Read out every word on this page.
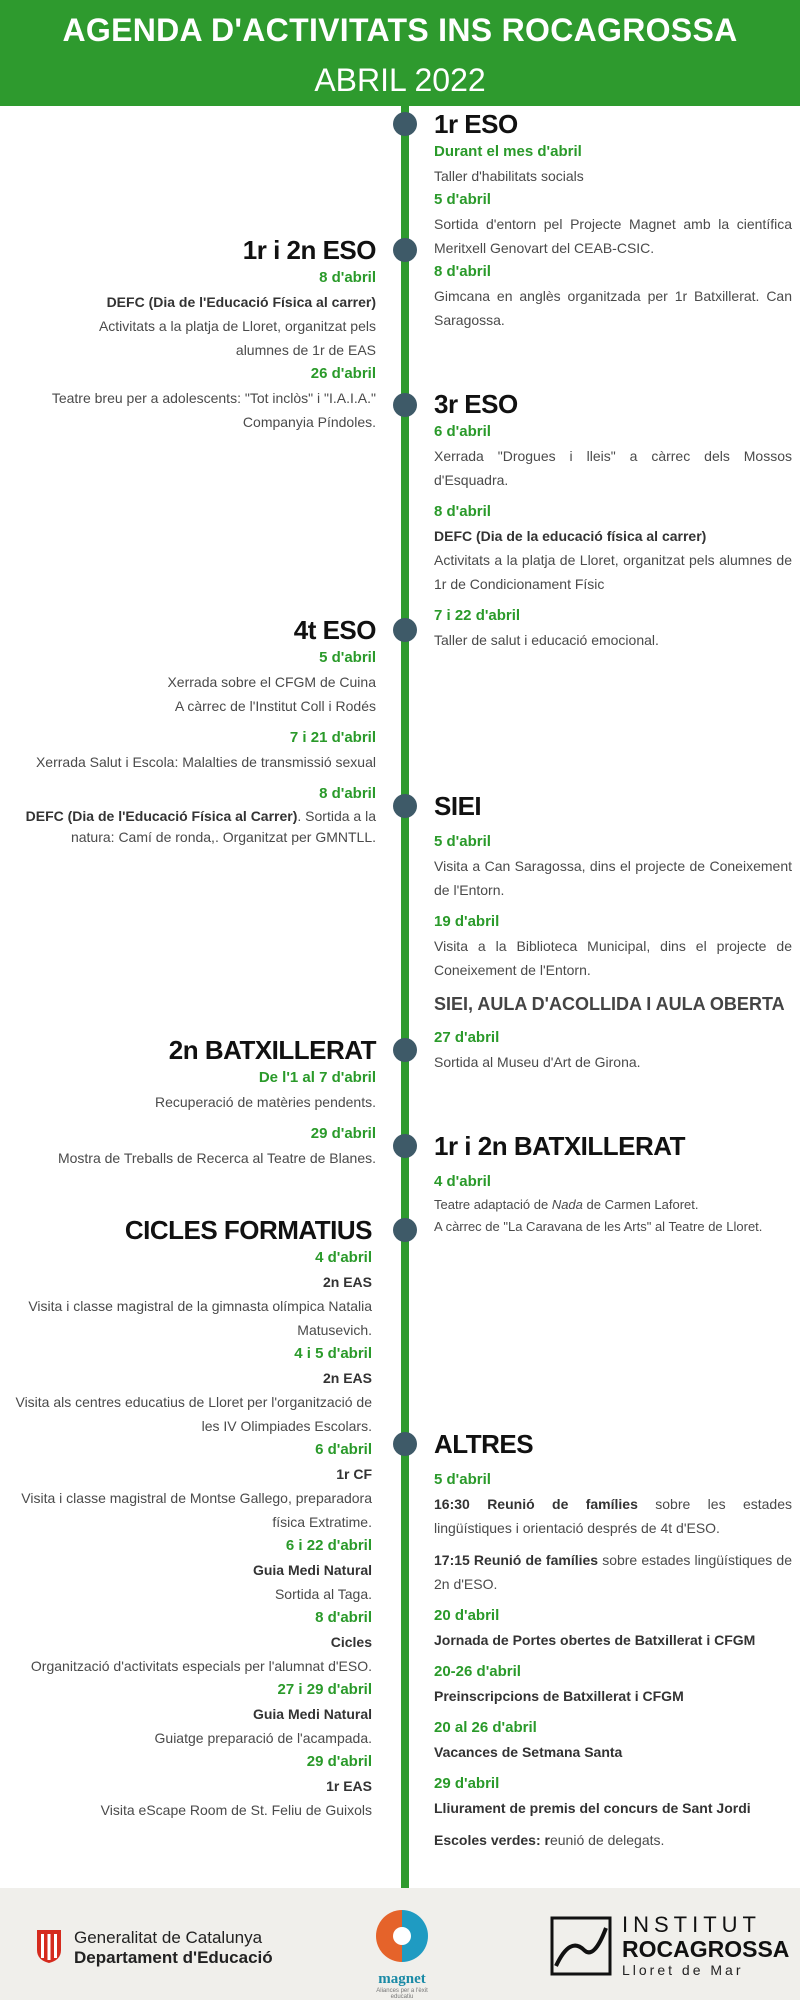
AGENDA D'ACTIVITATS INS ROCAGROSSA
ABRIL 2022
1r ESO
Durant el mes d'abril
Taller d'habilitats socials
5 d'abril
Sortida d'entorn pel Projecte Magnet amb la científica Meritxell Genovart del CEAB-CSIC.
8 d'abril
Gimcana en anglès organitzada per 1r Batxillerat. Can Saragossa.
1r i 2n ESO
8 d'abril
DEFC (Dia de l'Educació Física al carrer)
Activitats a la platja de Lloret, organitzat pels alumnes de 1r de EAS
26 d'abril
Teatre breu per a adolescents: "Tot inclòs" i "I.A.I.A." Companyia Píndoles.
3r ESO
6 d'abril
Xerrada "Drogues i lleis" a càrrec dels Mossos d'Esquadra.
8 d'abril
DEFC (Dia de la educació física al carrer)
Activitats a la platja de Lloret, organitzat pels alumnes de 1r de Condicionament Físic
7 i 22 d'abril
Taller de salut i educació emocional.
4t ESO
5 d'abril
Xerrada sobre el CFGM de Cuina
A càrrec de l'Institut Coll i Rodés
7 i 21 d'abril
Xerrada Salut i Escola: Malalties de transmissió sexual
8 d'abril
DEFC (Dia de l'Educació Física al Carrer). Sortida a la natura: Camí de ronda,. Organitzat per GMNTLL.
SIEI
5 d'abril
Visita a Can Saragossa, dins el projecte de Coneixement de l'Entorn.
19 d'abril
Visita a la Biblioteca Municipal, dins el projecte de Coneixement de l'Entorn.
SIEI, AULA D'ACOLLIDA I AULA OBERTA
27 d'abril
Sortida al Museu d'Art de Girona.
2n BATXILLERAT
De l'1 al 7 d'abril
Recuperació de matèries pendents.
29 d'abril
Mostra de Treballs de Recerca al Teatre de Blanes. 1r i 2n BATXILLERAT
4 d'abril
Teatre adaptació de Nada de Carmen Laforet.
A càrrec de "La Caravana de les Arts" al Teatre de Lloret.
CICLES FORMATIUS
4 d'abril
2n EAS
Visita i classe magistral de la gimnasta olímpica Natalia Matusevich.
4 i 5 d'abril
2n EAS
Visita als centres educatius de Lloret per l'organització de les IV Olimpiades Escolars.
6 d'abril
1r CF
Visita i classe magistral de Montse Gallego, preparadora física Extratime.
6 i 22 d'abril
Guia Medi Natural
Sortida al Taga.
8 d'abril
Cicles
Organització d'activitats especials per l'alumnat d'ESO.
27 i 29 d'abril
Guia Medi Natural
Guiatge preparació de l'acampada.
29 d'abril
1r EAS
Visita eScape Room de St. Feliu de Guixols
ALTRES
5 d'abril
16:30 Reunió de famílies sobre les estades lingüístiques i orientació després de 4t d'ESO.
17:15 Reunió de famílies sobre estades lingüístiques de 2n d'ESO.
20 d'abril
Jornada de Portes obertes de Batxillerat i CFGM
20-26 d'abril
Preinscripcions de Batxillerat i CFGM
20 al 26 d'abril
Vacances de Setmana Santa
29 d'abril
Lliurament de premis del concurs de Sant Jordi
Escoles verdes: reunió de delegats.
Generalitat de Catalunya
Departament d'Educació
magnet
Aliances per a l'èxit educatiu
INSTITUT
ROCAGROSSA
Lloret de Mar
